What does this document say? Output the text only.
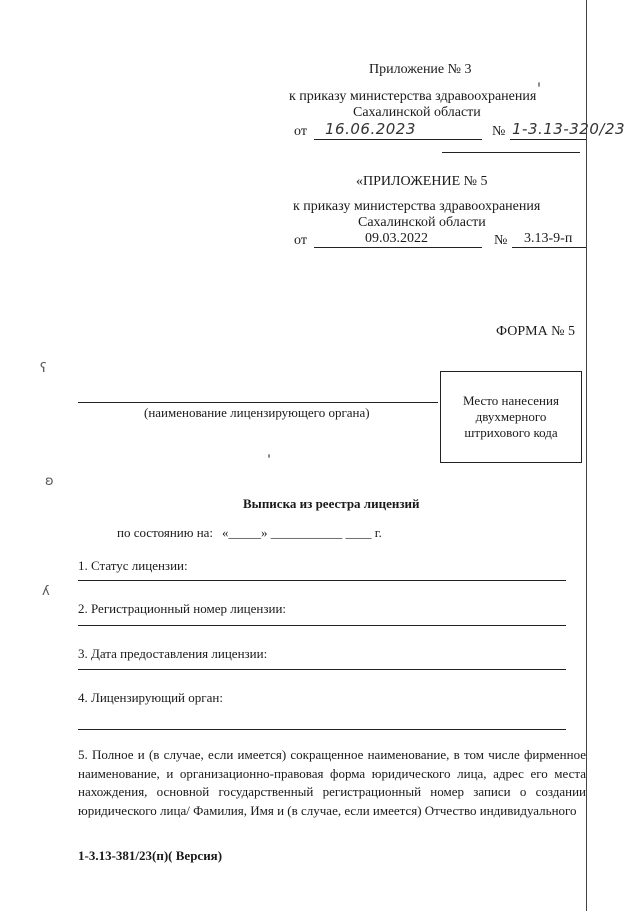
Приложение № 3
к приказу министерства здравоохранения
Сахалинской области
от 16.06.2023	№ 1-3.13-320/23
«ПРИЛОЖЕНИЕ № 5
к приказу министерства здравоохранения
Сахалинской области
от	09.03.2022	№ 3.13-9-п
ФОРМА № 5
(наименование лицензирующего органа)
Место нанесения
двухмерного
штрихового кода
Выписка из реестра лицензий
по состоянию на: «_____» ___________ ____ г.
1. Статус лицензии:
2. Регистрационный номер лицензии:
3. Дата предоставления лицензии:
4. Лицензирующий орган:
5. Полное и (в случае, если имеется) сокращенное наименование, в том числе фирменное наименование, и организационно-правовая форма юридического лица, адрес его места нахождения, основной государственный регистрационный номер записи о создании юридического лица/ Фамилия, Имя и (в случае, если имеется) Отчество индивидуального
1-3.13-381/23(п)( Версия)
ʕ
ʚ
ʎ
